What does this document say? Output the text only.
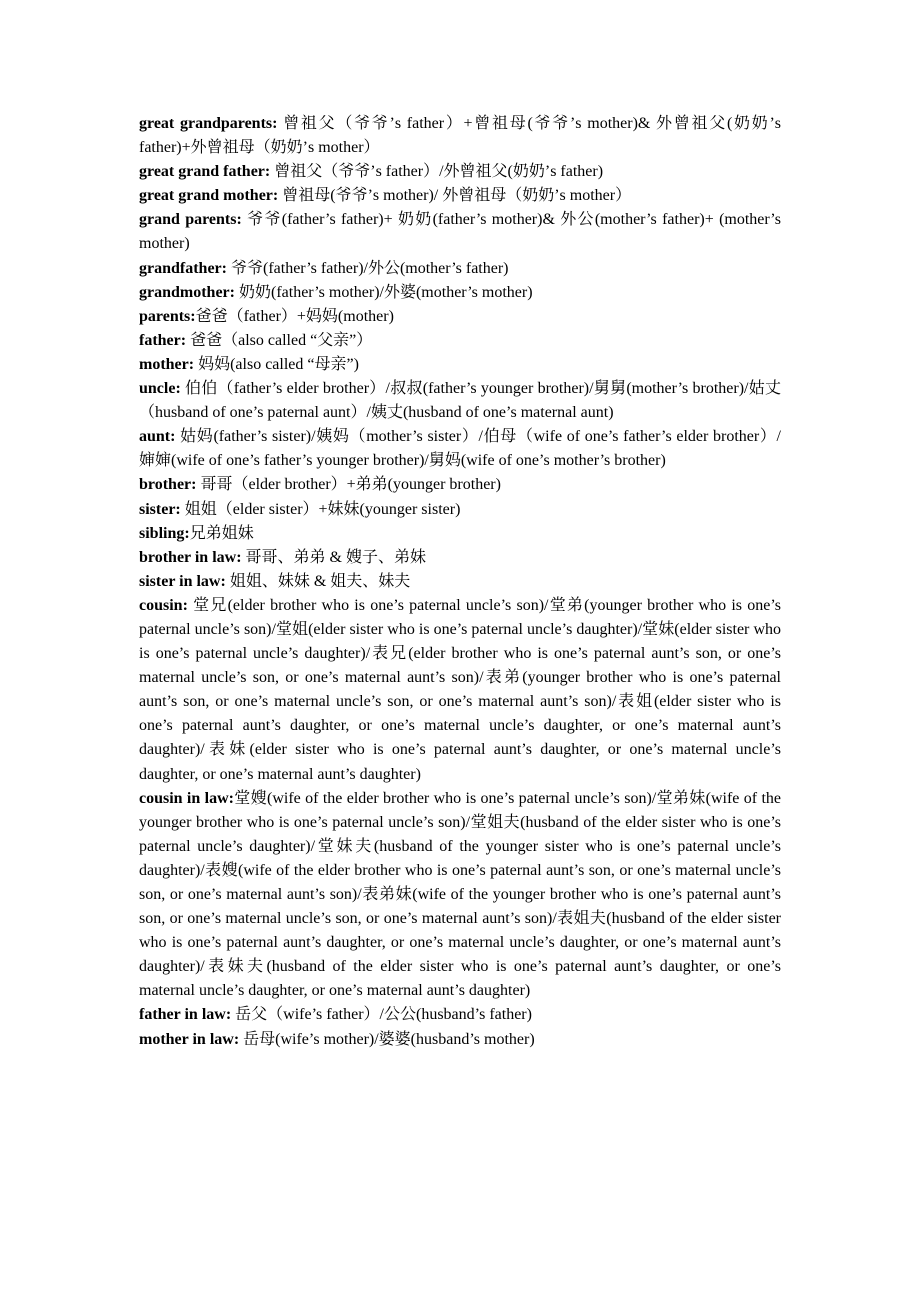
great grandparents: 曾祖父（爷爷’s father）+曾祖母(爷爷’s mother)& 外曾祖父(奶奶’s father)+外曾祖母（奶奶’s mother）

great grand father: 曾祖父（爷爷’s father）/外曾祖父(奶奶’s father)

great grand mother: 曾祖母(爷爷’s mother)/ 外曾祖母（奶奶’s mother）

grand parents: 爷爷(father’s father)+ 奶奶(father’s mother)& 外公(mother’s father)+ (mother’s mother)

grandfather: 爷爷(father’s father)/外公(mother’s father)

grandmother: 奶奶(father’s mother)/外婆(mother’s mother)

parents:爸爸（father）+妈妈(mother)

father: 爸爸（also called “父亲”）

mother: 妈妈(also called “母亲”)

uncle: 伯伯（father’s elder brother）/叔叔(father’s younger brother)/舅舅(mother’s brother)/姑丈（husband of one’s paternal aunt）/姨丈(husband of one’s maternal aunt)

aunt: 姑妈(father’s sister)/姨妈（mother’s sister）/伯母（wife of one’s father’s elder brother）/婶婶(wife of one’s father’s younger brother)/舅妈(wife of one’s mother’s brother)

brother: 哥哥（elder brother）+弟弟(younger brother)

sister: 姐姐（elder sister）+妹妹(younger sister)

sibling:兄弟姐妹

brother in law: 哥哥、弟弟 & 嫂子、弟妹

sister in law: 姐姐、妹妹 & 姐夫、妹夫

cousin: 堂兄(elder brother who is one’s paternal uncle’s son)/堂弟(younger brother who is one’s paternal uncle’s son)/堂姐(elder sister who is one’s paternal uncle’s daughter)/堂妹(elder sister who is one’s paternal uncle’s daughter)/表兄(elder brother who is one’s paternal aunt’s son, or one’s maternal uncle’s son, or one’s maternal aunt’s son)/表弟(younger brother who is one’s paternal aunt’s son, or one’s maternal uncle’s son, or one’s maternal aunt’s son)/表姐(elder sister who is one’s paternal aunt’s daughter, or one’s maternal uncle’s daughter, or one’s maternal aunt’s daughter)/表妹(elder sister who is one’s paternal aunt’s daughter, or one’s maternal uncle’s daughter, or one’s maternal aunt’s daughter)

cousin in law:堂嫂(wife of the elder brother who is one’s paternal uncle’s son)/堂弟妹(wife of the younger brother who is one’s paternal uncle’s son)/堂姐夫(husband of the elder sister who is one’s paternal uncle’s daughter)/堂妹夫(husband of the younger sister who is one’s paternal uncle’s daughter)/表嫂(wife of the elder brother who is one’s paternal aunt’s son, or one’s maternal uncle’s son, or one’s maternal aunt’s son)/表弟妹(wife of the younger brother who is one’s paternal aunt’s son, or one’s maternal uncle’s son, or one’s maternal aunt’s son)/表姐夫(husband of the elder sister who is one’s paternal aunt’s daughter, or one’s maternal uncle’s daughter, or one’s maternal aunt’s daughter)/表妹夫(husband of the elder sister who is one’s paternal aunt’s daughter, or one’s maternal uncle’s daughter, or one’s maternal aunt’s daughter)

father in law: 岳父（wife’s father）/公公(husband’s father)

mother in law: 岳母(wife’s mother)/婆婆(husband’s mother)
